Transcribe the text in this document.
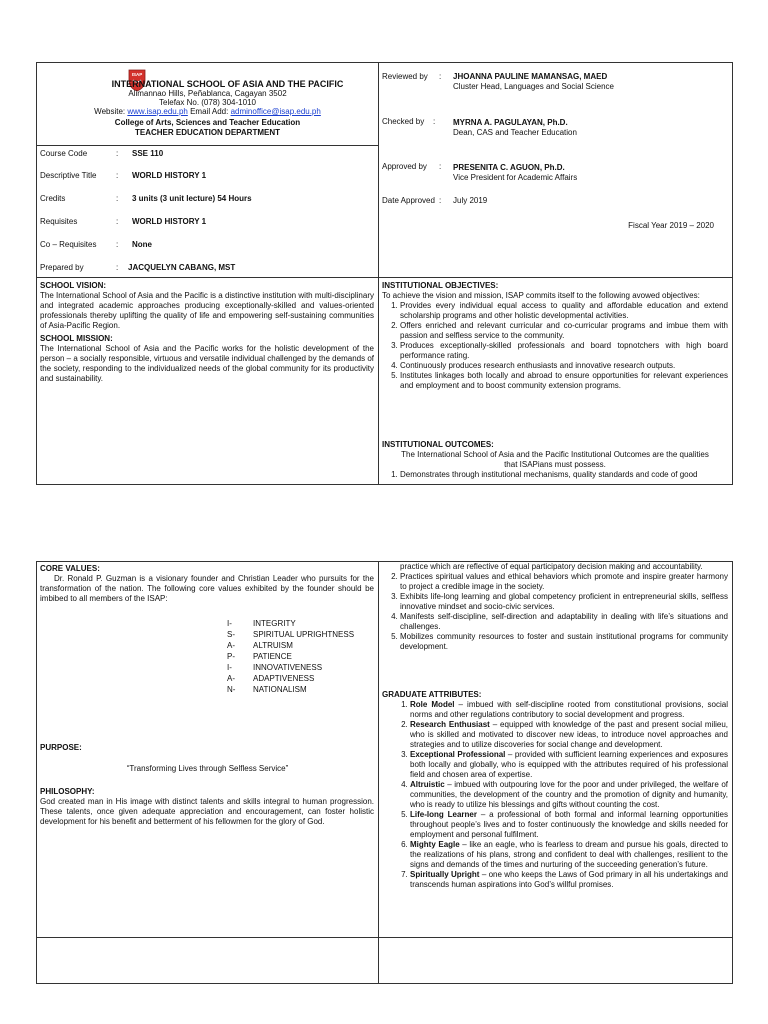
ISAP
INTERNATIONAL SCHOOL OF ASIA AND THE PACIFIC
Alimannao Hills, Peñablanca, Cagayan 3502
Telefax No. (078) 304-1010
Website: www.isap.edu.ph Email Add: adminoffice@isap.edu.ph
College of Arts, Sciences and Teacher Education
TEACHER EDUCATION DEPARTMENT
Course Code	: SSE 110
Descriptive Title : WORLD HISTORY 1
Credits	: 3 units (3 unit lecture) 54 Hours
Requisites	: WORLD HISTORY 1
Co – Requisites : None
Prepared by	: JACQUELYN CABANG, MST
SCHOOL VISION:
The International School of Asia and the Pacific is a distinctive institution with multi-disciplinary and integrated academic approaches producing exceptionally-skilled and values-oriented professionals thereby uplifting the quality of life and empowering self-sustaining communities of Asia-Pacific Region.
SCHOOL MISSION:
The International School of Asia and the Pacific works for the holistic development of the person – a socially responsible, virtuous and versatile individual challenged by the demands of the society, responding to the individualized needs of the global community for its productivity and sustainability.
Reviewed by : JHOANNA PAULINE MAMANSAG, MAED
Cluster Head, Languages and Social Science
Checked by : MYRNA A. PAGULAYAN, Ph.D.
Dean, CAS and Teacher Education
Approved by : PRESENITA C. AGUON, Ph.D.
Vice President for Academic Affairs
Date Approved : July 2019
Fiscal Year 2019 – 2020
INSTITUTIONAL OBJECTIVES:
To achieve the vision and mission, ISAP commits itself to the following avowed objectives:
1. Provides every individual equal access to quality and affordable education and extend scholarship programs and other holistic developmental activities.
2. Offers enriched and relevant curricular and co-curricular programs and imbue them with passion and selfless service to the community.
3. Produces exceptionally-skilled professionals and board topnotchers with high board performance rating.
4. Continuously produces research enthusiasts and innovative research outputs.
5. Institutes linkages both locally and abroad to ensure opportunities for relevant experiences and employment and to boost community extension programs.
INSTITUTIONAL OUTCOMES:
The International School of Asia and the Pacific Institutional Outcomes are the qualities that ISAPians must possess.
1. Demonstrates through institutional mechanisms, quality standards and code of good
CORE VALUES:
Dr. Ronald P. Guzman is a visionary founder and Christian Leader who pursuits for the transformation of the nation. The following core values exhibited by the founder should be imbibed to all members of the ISAP:
I-	INTEGRITY
S- SPIRITUAL UPRIGHTNESS
A- ALTRUISM
P- PATIENCE
I-	INNOVATIVENESS
A- ADAPTIVENESS
N- NATIONALISM
PURPOSE:
“Transforming Lives through Selfless Service”
PHILOSOPHY:
God created man in His image with distinct talents and skills integral to human progression. These talents, once given adequate appreciation and encouragement, can foster holistic development for his benefit and betterment of his fellowmen for the glory of God.
practice which are reflective of equal participatory decision making and accountability.
2. Practices spiritual values and ethical behaviors which promote and inspire greater harmony to project a credible image in the society.
3. Exhibits life-long learning and global competency proficient in entrepreneurial skills, selfless innovative mindset and socio-civic services.
4. Manifests self-discipline, self-direction and adaptability in dealing with life’s situations and challenges.
5. Mobilizes community resources to foster and sustain institutional programs for community development.
GRADUATE ATTRIBUTES:
1. Role Model – imbued with self-discipline rooted from constitutional provisions, social norms and other regulations contributory to social development and progress.
2. Research Enthusiast – equipped with knowledge of the past and present social milieu, who is skilled and motivated to discover new ideas, to introduce novel approaches and strategies and to utilize discoveries for social change and development.
3. Exceptional Professional – provided with sufficient learning experiences and exposures both locally and globally, who is equipped with the attributes required of his professional field and chosen area of expertise.
4. Altruistic – imbued with outpouring love for the poor and under privileged, the welfare of communities, the development of the country and the promotion of dignity and humanity, who is ready to utilize his blessings and gifts without counting the cost.
5. Life-long Learner – a professional of both formal and informal learning opportunities throughout people’s lives and to foster continuously the knowledge and skills needed for employment and personal fulfilment.
6. Mighty Eagle – like an eagle, who is fearless to dream and pursue his goals, directed to the realizations of his plans, strong and confident to deal with challenges, resilient to the signs and demands of the times and nurturing of the succeeding generation’s future.
7. Spiritually Upright – one who keeps the Laws of God primary in all his undertakings and transcends human aspirations into God’s willful promises.
